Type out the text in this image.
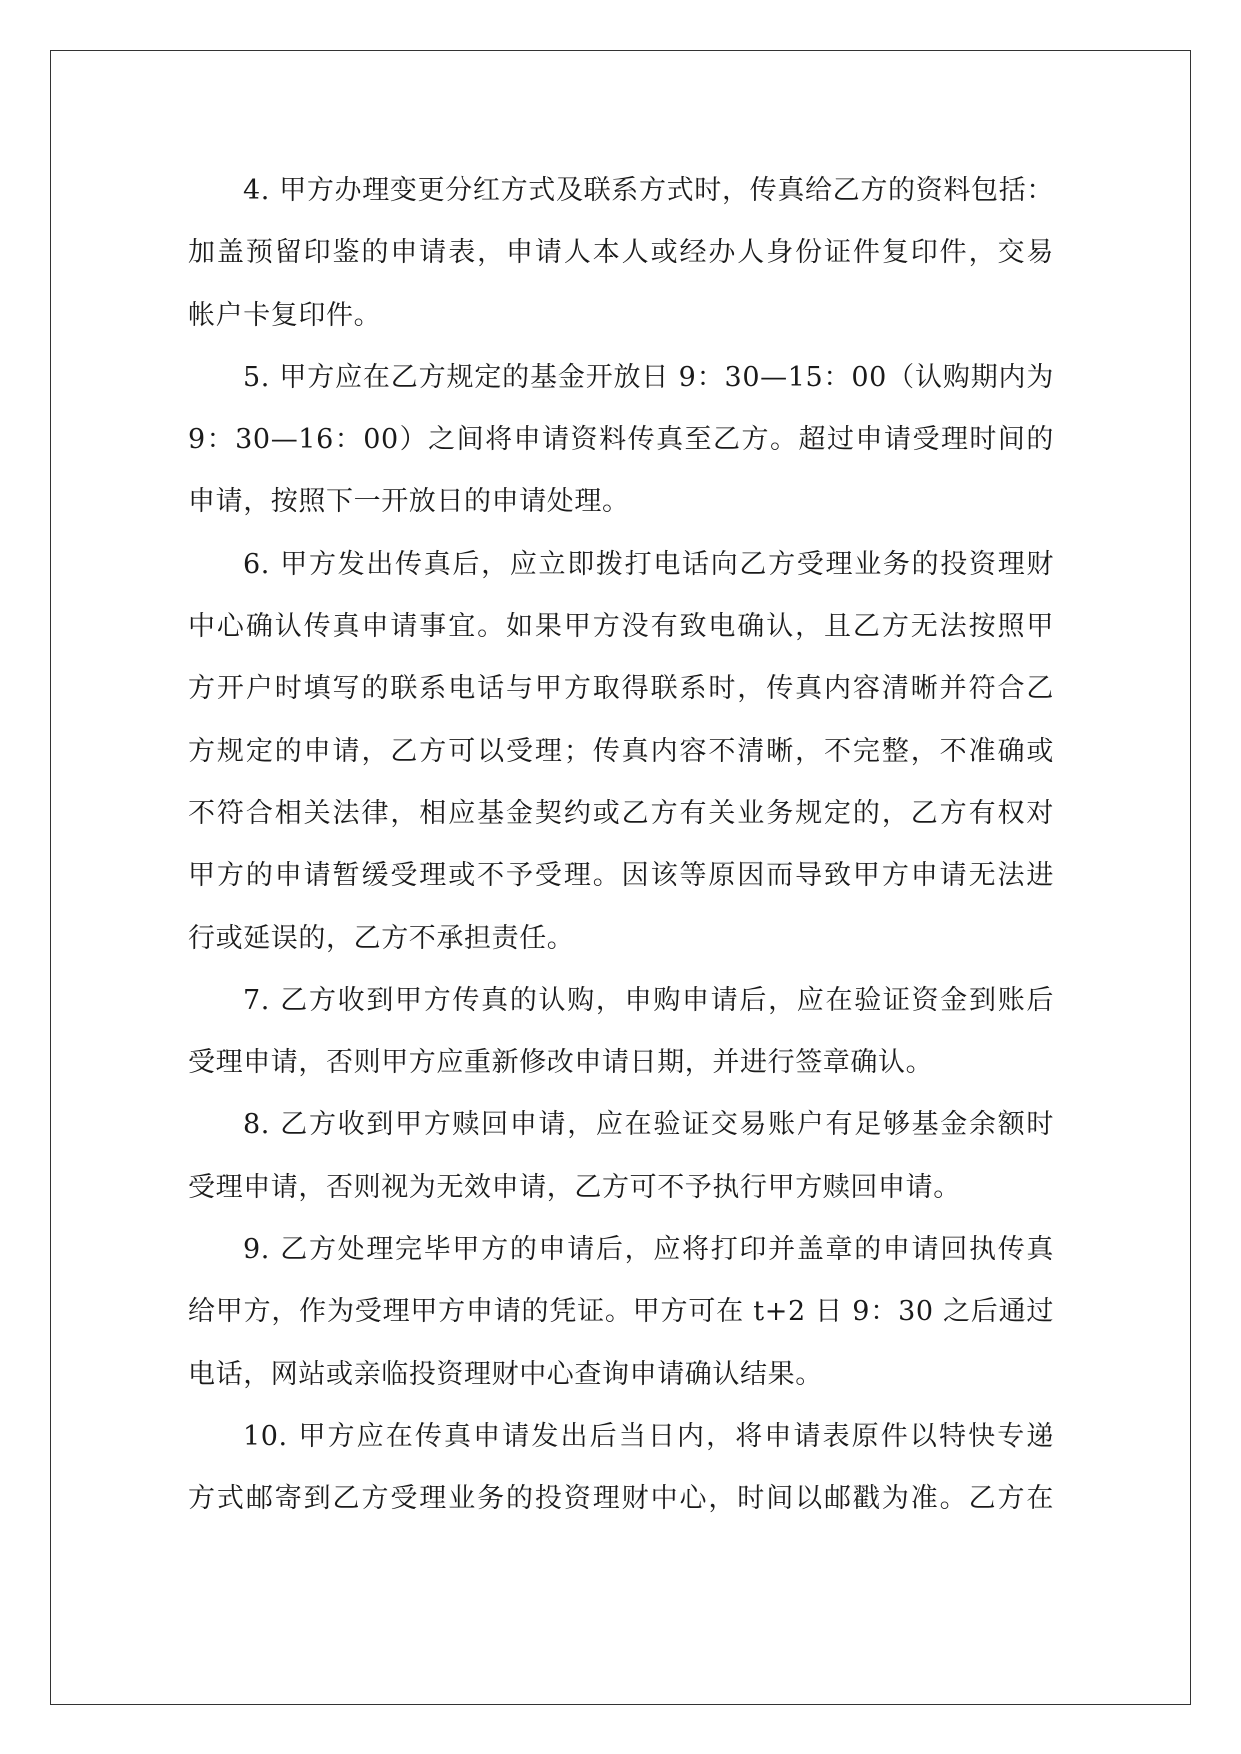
4. 甲方办理变更分红方式及联系方式时，传真给乙方的资料包括：
加盖预留印鉴的申请表，申请人本人或经办人身份证件复印件，交易
帐户卡复印件。
5. 甲方应在乙方规定的基金开放日 9：30—15：00（认购期内为
9：30—16：00）之间将申请资料传真至乙方。超过申请受理时间的
申请，按照下一开放日的申请处理。
6. 甲方发出传真后，应立即拨打电话向乙方受理业务的投资理财
中心确认传真申请事宜。如果甲方没有致电确认，且乙方无法按照甲
方开户时填写的联系电话与甲方取得联系时，传真内容清晰并符合乙
方规定的申请，乙方可以受理；传真内容不清晰，不完整，不准确或
不符合相关法律，相应基金契约或乙方有关业务规定的，乙方有权对
甲方的申请暂缓受理或不予受理。因该等原因而导致甲方申请无法进
行或延误的，乙方不承担责任。
7. 乙方收到甲方传真的认购，申购申请后，应在验证资金到账后
受理申请，否则甲方应重新修改申请日期，并进行签章确认。
8. 乙方收到甲方赎回申请，应在验证交易账户有足够基金余额时
受理申请，否则视为无效申请，乙方可不予执行甲方赎回申请。
9. 乙方处理完毕甲方的申请后，应将打印并盖章的申请回执传真
给甲方，作为受理甲方申请的凭证。甲方可在 t+2 日 9：30 之后通过
电话，网站或亲临投资理财中心查询申请确认结果。
10. 甲方应在传真申请发出后当日内，将申请表原件以特快专递
方式邮寄到乙方受理业务的投资理财中心，时间以邮戳为准。乙方在
